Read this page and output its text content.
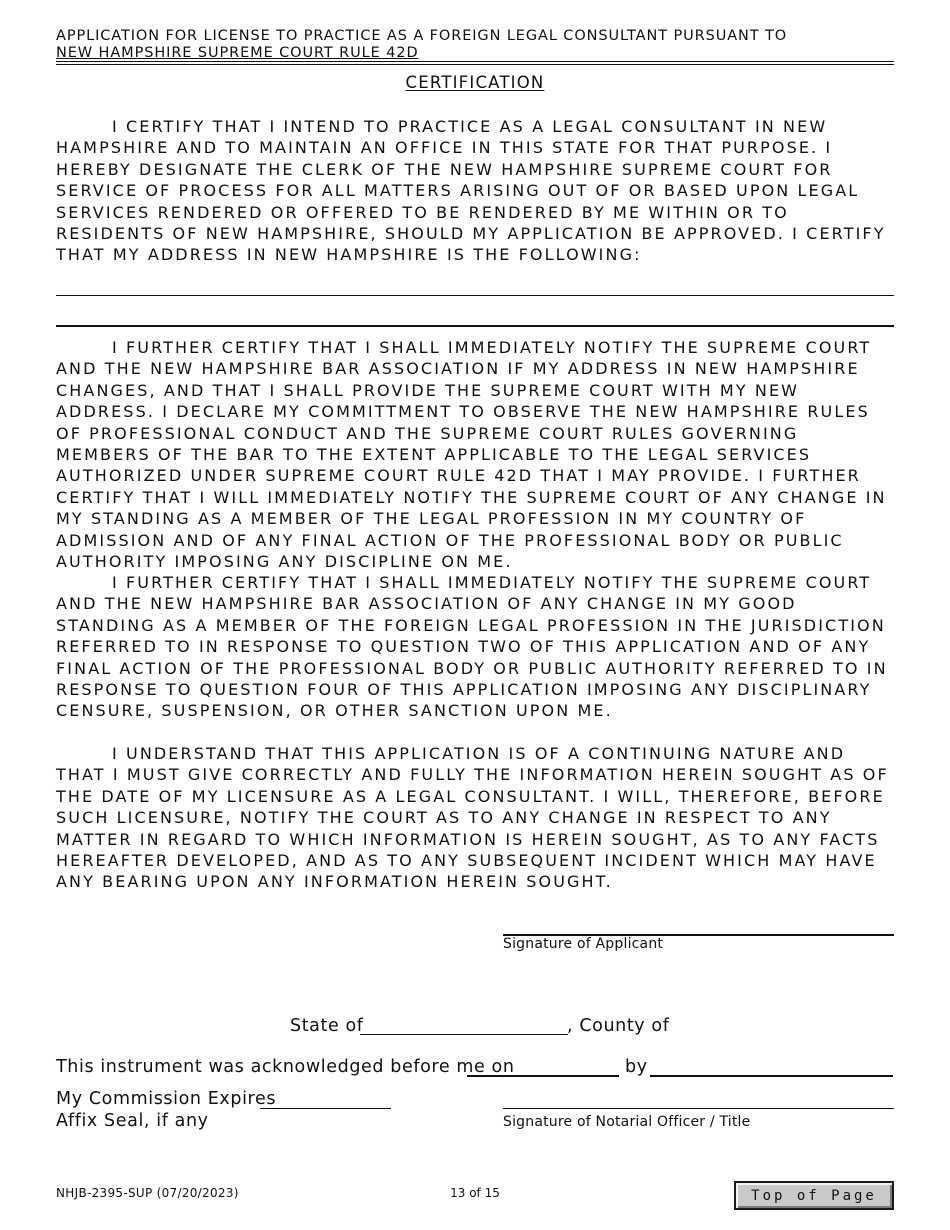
APPLICATION FOR LICENSE TO PRACTICE AS A FOREIGN LEGAL CONSULTANT PURSUANT TO
NEW HAMPSHIRE SUPREME COURT RULE 42D
CERTIFICATION

I CERTIFY THAT I INTEND TO PRACTICE AS A LEGAL CONSULTANT IN NEW HAMPSHIRE AND TO MAINTAIN AN OFFICE IN THIS STATE FOR THAT PURPOSE. I HEREBY DESIGNATE THE CLERK OF THE NEW HAMPSHIRE SUPREME COURT FOR SERVICE OF PROCESS FOR ALL MATTERS ARISING OUT OF OR BASED UPON LEGAL SERVICES RENDERED OR OFFERED TO BE RENDERED BY ME WITHIN OR TO RESIDENTS OF NEW HAMPSHIRE, SHOULD MY APPLICATION BE APPROVED. I CERTIFY THAT MY ADDRESS IN NEW HAMPSHIRE IS THE FOLLOWING:

I FURTHER CERTIFY THAT I SHALL IMMEDIATELY NOTIFY THE SUPREME COURT AND THE NEW HAMPSHIRE BAR ASSOCIATION IF MY ADDRESS IN NEW HAMPSHIRE CHANGES, AND THAT I SHALL PROVIDE THE SUPREME COURT WITH MY NEW ADDRESS. I DECLARE MY COMMITTMENT TO OBSERVE THE NEW HAMPSHIRE RULES OF PROFESSIONAL CONDUCT AND THE SUPREME COURT RULES GOVERNING MEMBERS OF THE BAR TO THE EXTENT APPLICABLE TO THE LEGAL SERVICES AUTHORIZED UNDER SUPREME COURT RULE 42D THAT I MAY PROVIDE. I FURTHER CERTIFY THAT I WILL IMMEDIATELY NOTIFY THE SUPREME COURT OF ANY CHANGE IN MY STANDING AS A MEMBER OF THE LEGAL PROFESSION IN MY COUNTRY OF ADMISSION AND OF ANY FINAL ACTION OF THE PROFESSIONAL BODY OR PUBLIC AUTHORITY IMPOSING ANY DISCIPLINE ON ME.

I FURTHER CERTIFY THAT I SHALL IMMEDIATELY NOTIFY THE SUPREME COURT AND THE NEW HAMPSHIRE BAR ASSOCIATION OF ANY CHANGE IN MY GOOD STANDING AS A MEMBER OF THE FOREIGN LEGAL PROFESSION IN THE JURISDICTION REFERRED TO IN RESPONSE TO QUESTION TWO OF THIS APPLICATION AND OF ANY FINAL ACTION OF THE PROFESSIONAL BODY OR PUBLIC AUTHORITY REFERRED TO IN RESPONSE TO QUESTION FOUR OF THIS APPLICATION IMPOSING ANY DISCIPLINARY CENSURE, SUSPENSION, OR OTHER SANCTION UPON ME.

I UNDERSTAND THAT THIS APPLICATION IS OF A CONTINUING NATURE AND THAT I MUST GIVE CORRECTLY AND FULLY THE INFORMATION HEREIN SOUGHT AS OF THE DATE OF MY LICENSURE AS A LEGAL CONSULTANT. I WILL, THEREFORE, BEFORE SUCH LICENSURE, NOTIFY THE COURT AS TO ANY CHANGE IN RESPECT TO ANY MATTER IN REGARD TO WHICH INFORMATION IS HEREIN SOUGHT, AS TO ANY FACTS HEREAFTER DEVELOPED, AND AS TO ANY SUBSEQUENT INCIDENT WHICH MAY HAVE ANY BEARING UPON ANY INFORMATION HEREIN SOUGHT.

Signature of Applicant
State of	, County of
This instrument was acknowledged before me on	by
My Commission Expires
Affix Seal, if any	Signature of Notarial Officer / Title
NHJB-2395-SUP (07/20/2023)	13 of 15	Top of Page
